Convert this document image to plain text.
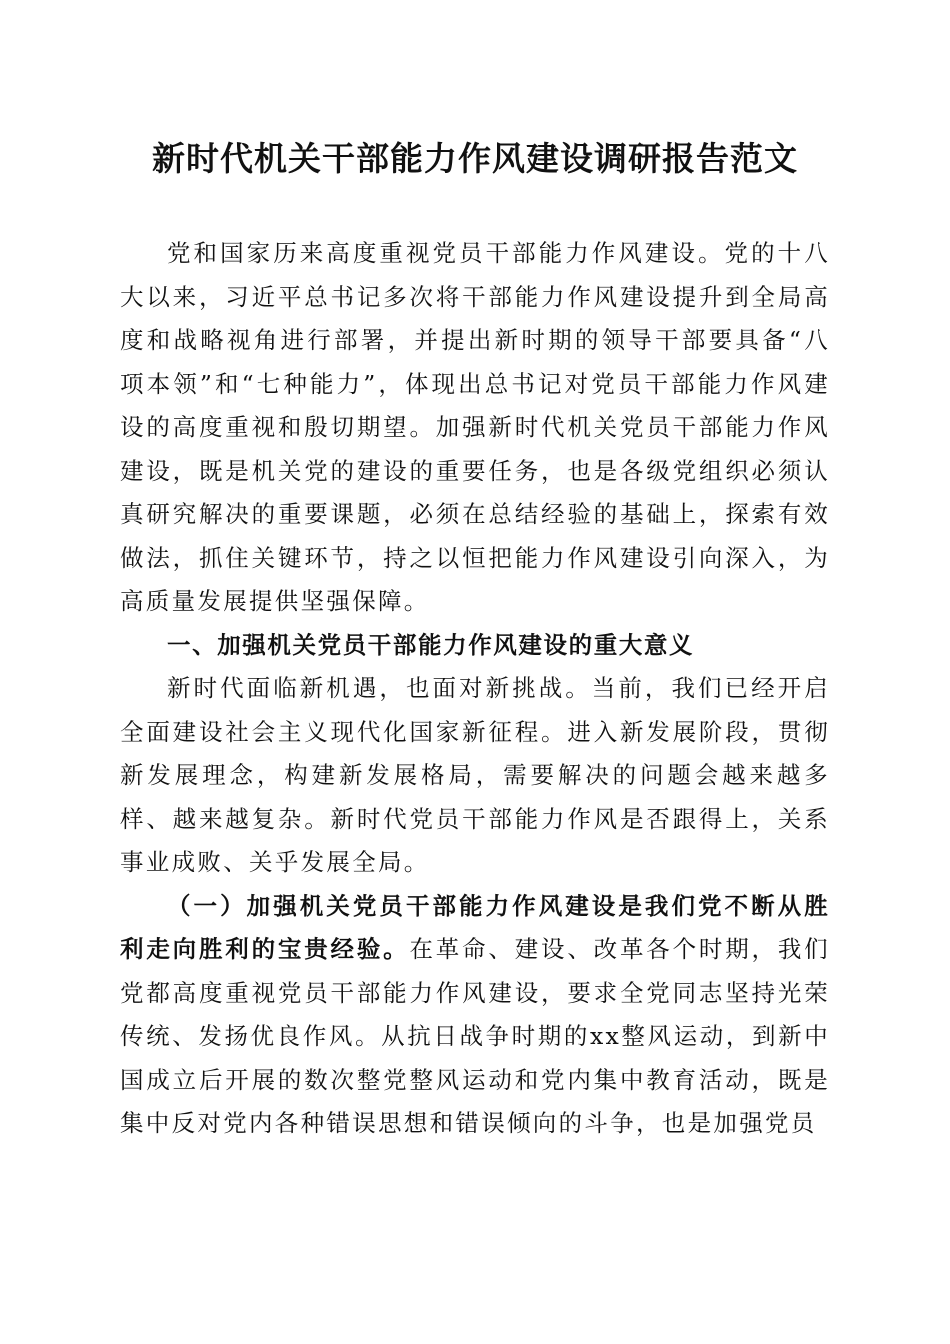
新时代机关干部能力作风建设调研报告范文

党和国家历来高度重视党员干部能力作风建设。党的十八大以来，习近平总书记多次将干部能力作风建设提升到全局高度和战略视角进行部署，并提出新时期的领导干部要具备“八项本领”和“七种能力”，体现出总书记对党员干部能力作风建设的高度重视和殷切期望。加强新时代机关党员干部能力作风建设，既是机关党的建设的重要任务，也是各级党组织必须认真研究解决的重要课题，必须在总结经验的基础上，探索有效做法，抓住关键环节，持之以恒把能力作风建设引向深入，为高质量发展提供坚强保障。

一、加强机关党员干部能力作风建设的重大意义

新时代面临新机遇，也面对新挑战。当前，我们已经开启全面建设社会主义现代化国家新征程。进入新发展阶段，贯彻新发展理念，构建新发展格局，需要解决的问题会越来越多样、越来越复杂。新时代党员干部能力作风是否跟得上，关系事业成败、关乎发展全局。

（一）加强机关党员干部能力作风建设是我们党不断从胜利走向胜利的宝贵经验。在革命、建设、改革各个时期，我们党都高度重视党员干部能力作风建设，要求全党同志坚持光荣传统、发扬优良作风。从抗日战争时期的xx整风运动，到新中国成立后开展的数次整党整风运动和党内集中教育活动，既是集中反对党内各种错误思想和错误倾向的斗争，也是加强党员
